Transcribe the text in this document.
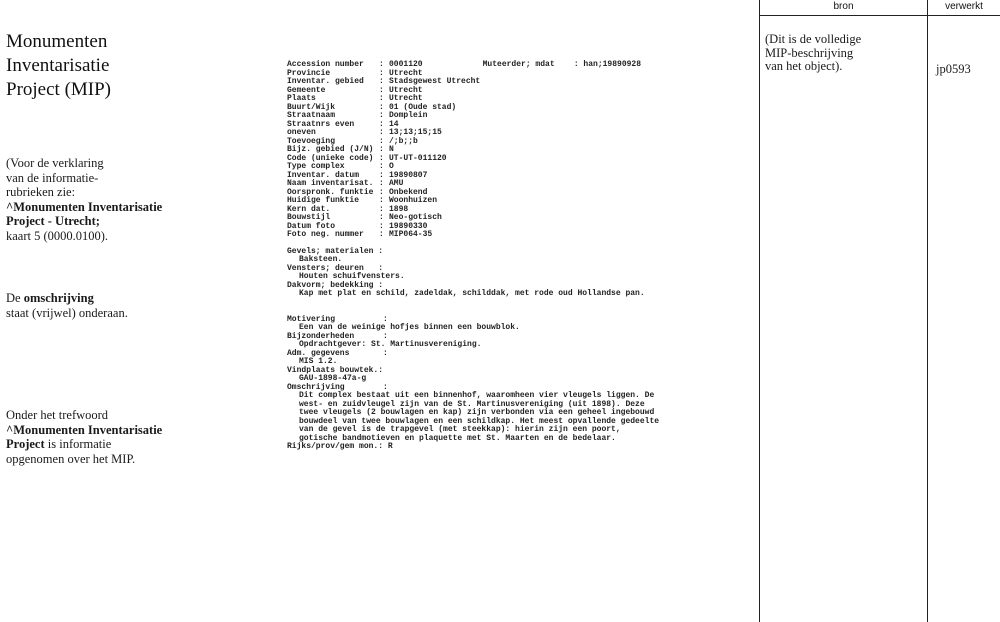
Monumenten
Inventarisatie
Project (MIP)
(Voor de verklaring
van de informatie-
rubrieken zie:
^Monumenten Inventarisatie
Project - Utrecht;
kaart 5 (0000.0100).
De omschrijving
staat (vrijwel) onderaan.
Onder het trefwoord
^Monumenten Inventarisatie
Project is informatie
opgenomen over het MIP.
Accession number	: 0001120	Muteerder; mdat    : han;19890928
Provincie	: Utrecht
Inventar. gebied	: Stadsgewest Utrecht
Gemeente	: Utrecht
Plaats	: Utrecht
Buurt/Wijk	: 01 (Oude stad)
Straatnaam	: Domplein
Straatnrs even	: 14
oneven	: 13;13;15;15
Toevoeging	: /;b;;b
Bijz. gebied (J/N) : N
Code (unieke code) : UT-UT-011120
Type complex	: O
Inventar. datum	: 19890807
Naam inventarisat. : AMU
Oorspronk. funktie : Onbekend
Huidige funktie	: Woonhuizen
Kern dat.	: 1898
Bouwstijl	: Neo-gotisch
Datum foto	: 19890330
Foto neg. nummer	: MIP064-35
Gevels; materialen :
Baksteen.
Vensters; deuren   :
Houten schuifvensters.
Dakvorm; bedekking :
Kap met plat en schild, zadeldak, schilddak, met rode oud Hollandse pan.
Motivering          :
Een van de weinige hofjes binnen een bouwblok.
Bijzonderheden      :
Opdrachtgever: St. Martinusvereniging.
Adm. gegevens       :
MIS 1.2.
Vindplaats bouwtek.:
GAU-1898-47a-g
Omschrijving        :
Dit complex bestaat uit een binnenhof, waaromheen vier vleugels liggen. De
west- en zuidvleugel zijn van de St. Martinusvereniging (uit 1898). Deze
twee vleugels (2 bouwlagen en kap) zijn verbonden via een geheel ingebouwd
bouwdeel van twee bouwlagen en een schildkap. Het meest opvallende gedeelte
van de gevel is de trapgevel (met steekkap): hierin zijn een poort,
gotische bandmotieven en plaquette met St. Maarten en de bedelaar.
Rijks/prov/gem mon.: R
bron	verwerkt
(Dit is de volledige
MIP-beschrijving
van het object).	jp0593
